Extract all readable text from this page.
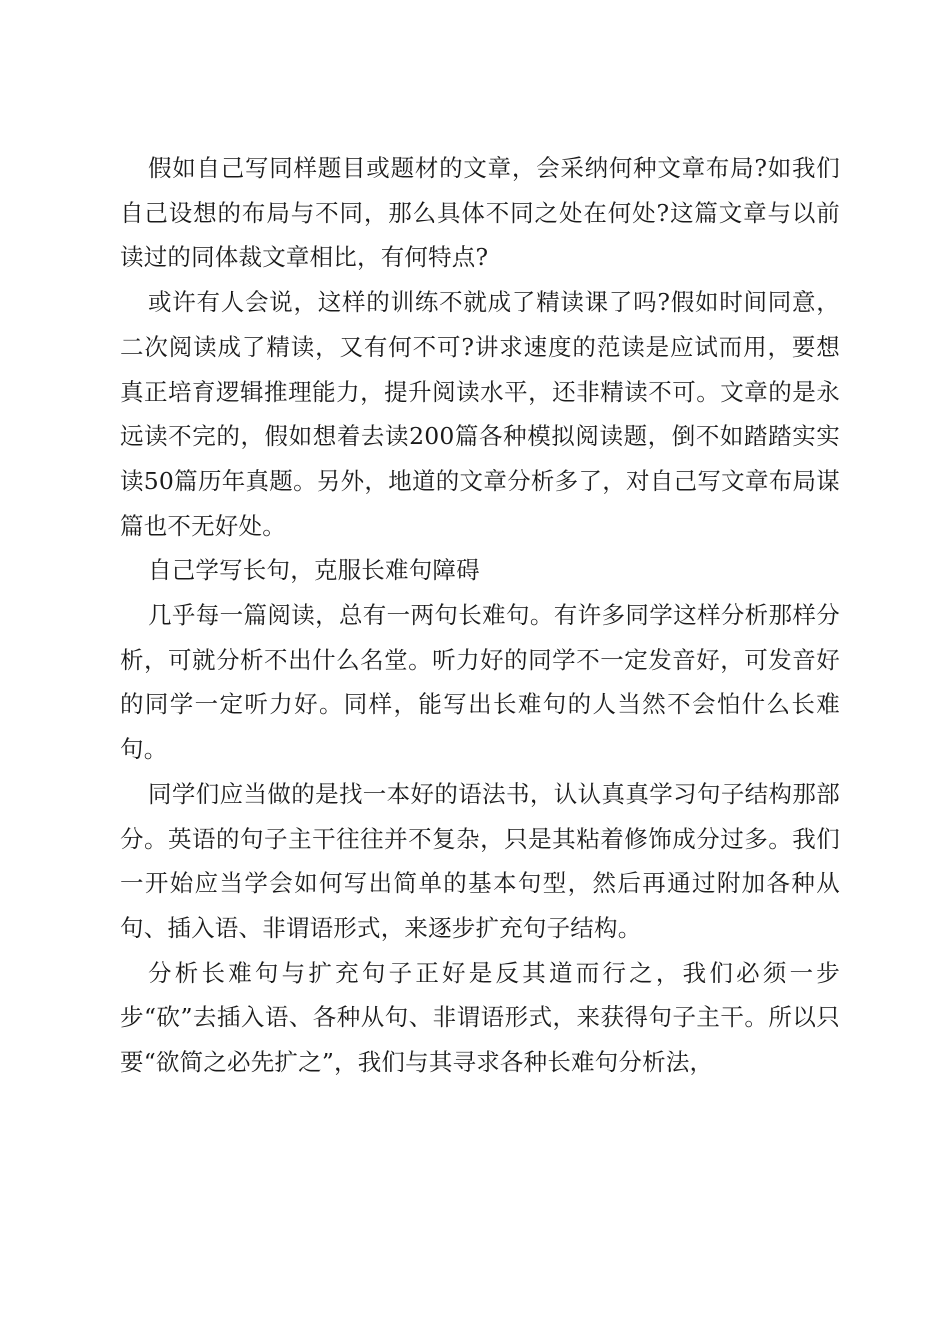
假如自己写同样题目或题材的文章，会采纳何种文章布局?如我们自己设想的布局与不同，那么具体不同之处在何处?这篇文章与以前读过的同体裁文章相比，有何特点?

或许有人会说，这样的训练不就成了精读课了吗?假如时间同意，二次阅读成了精读，又有何不可?讲求速度的范读是应试而用，要想真正培育逻辑推理能力，提升阅读水平，还非精读不可。文章的是永远读不完的，假如想着去读200篇各种模拟阅读题，倒不如踏踏实实读50篇历年真题。另外，地道的文章分析多了，对自己写文章布局谋篇也不无好处。

自己学写长句，克服长难句障碍

几乎每一篇阅读，总有一两句长难句。有许多同学这样分析那样分析，可就分析不出什么名堂。听力好的同学不一定发音好，可发音好的同学一定听力好。同样，能写出长难句的人当然不会怕什么长难句。

同学们应当做的是找一本好的语法书，认认真真学习句子结构那部分。英语的句子主干往往并不复杂，只是其粘着修饰成分过多。我们一开始应当学会如何写出简单的基本句型，然后再通过附加各种从句、插入语、非谓语形式，来逐步扩充句子结构。

分析长难句与扩充句子正好是反其道而行之，我们必须一步步“砍”去插入语、各种从句、非谓语形式，来获得句子主干。所以只要“欲简之必先扩之”，我们与其寻求各种长难句分析法，
